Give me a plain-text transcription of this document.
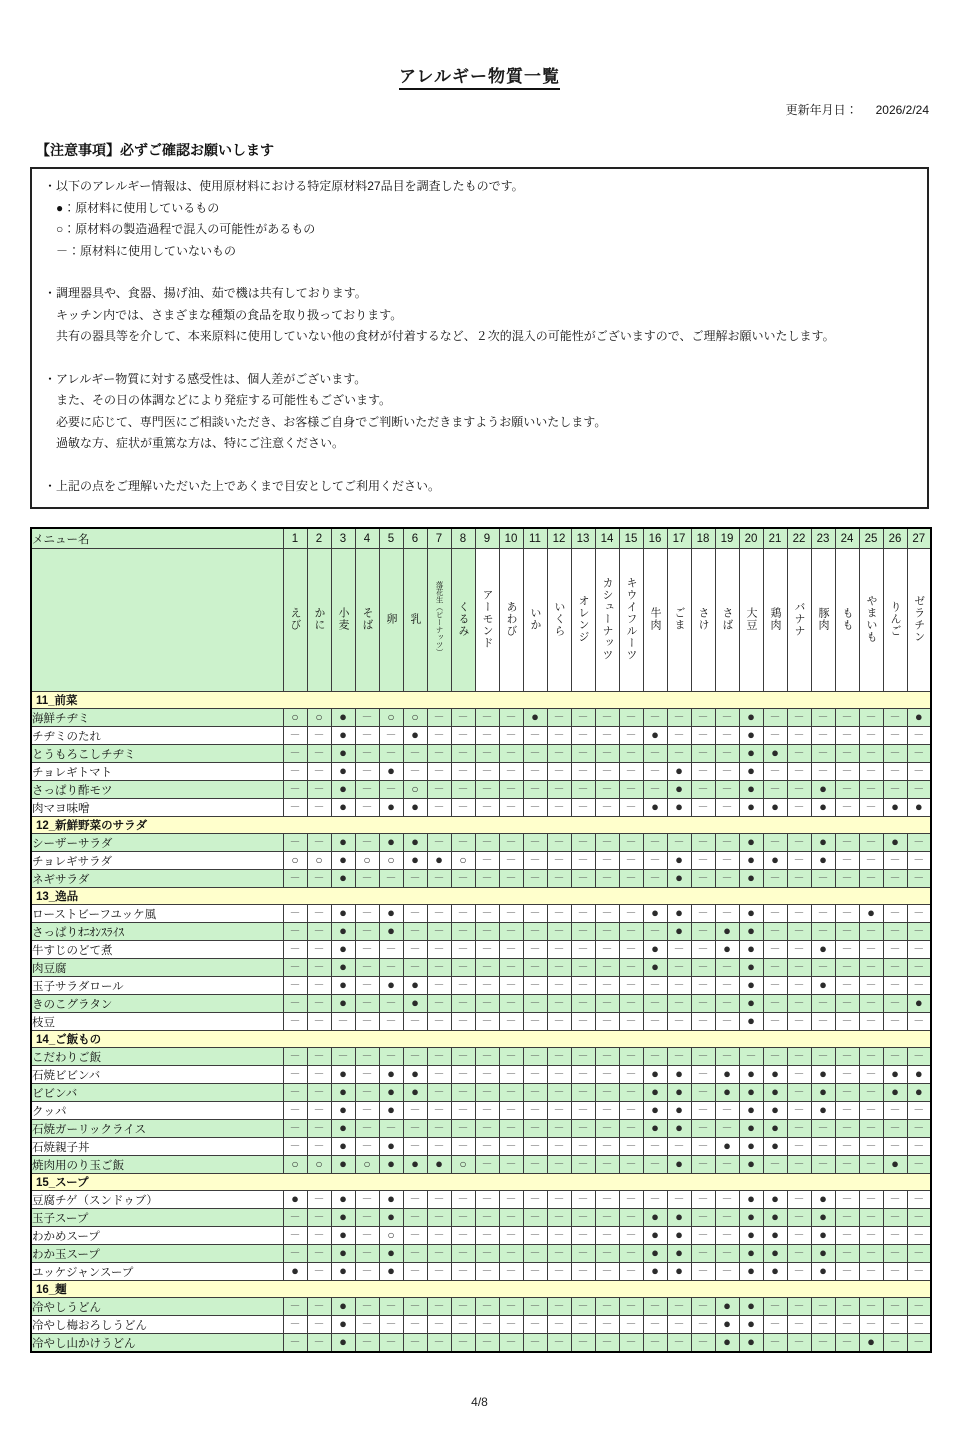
アレルギー物質一覧
更新年月日： 2026/2/24
【注意事項】必ずご確認お願いします
・以下のアレルギー情報は、使用原材料における特定原材料27品目を調査したものです。
　●：原材料に使用しているもの
　○：原材料の製造過程で混入の可能性があるもの
　－：原材料に使用していないもの
・調理器具や、食器、揚げ油、茹で機は共有しております。
　キッチン内では、さまざまな種類の食品を取り扱っております。
　共有の器具等を介して、本来原料に使用していない他の食材が付着するなど、２次的混入の可能性がございますので、ご理解お願いいたします。
・アレルギー物質に対する感受性は、個人差がございます。
　また、その日の体調などにより発症する可能性もございます。
　必要に応じて、専門医にご相談いただき、お客様ご自身でご判断いただきますようお願いいたします。
　過敏な方、症状が重篤な方は、特にご注意ください。
・上記の点をご理解いただいた上であくまで目安としてご利用ください。
メニュー名	1	2	3	4	5	6	7	8	9	10	11	12	13	14	15	16	17	18	19	20	21	22	23	24	25	26	27
	えび	かに	小麦	そば	卵	乳	落花生（ピーナッツ）	くるみ	アーモンド	あわび	いか	いくら	オレンジ	カシューナッツ	キウイフルーツ	牛肉	ごま	さけ	さば	大豆	鶏肉	バナナ	豚肉	もも	やまいも	りんご	ゼラチン
11_前菜																											
海鮮チヂミ	○	○	●	－	○	○	－	－	－	－	●	－	－	－	－	－	－	－	－	●	－	－	－	－	－	－	●
チヂミのたれ	－	－	●	－	－	●	－	－	－	－	－	－	－	－	－	●	－	－	－	●	－	－	－	－	－	－	－
とうもろこしチヂミ	－	－	●	－	－	－	－	－	－	－	－	－	－	－	－	－	－	－	－	●	●	－	－	－	－	－	－
チョレギトマト	－	－	●	－	●	－	－	－	－	－	－	－	－	－	－	－	●	－	－	●	－	－	－	－	－	－	－
さっぱり酢モツ	－	－	●	－	－	○	－	－	－	－	－	－	－	－	－	－	●	－	－	●	－	－	●	－	－	－	－
肉マヨ味噌	－	－	●	－	●	●	－	－	－	－	－	－	－	－	－	●	●	－	－	●	●	－	●	－	－	●	●
12_新鮮野菜のサラダ																											
シーザーサラダ	－	－	●	－	●	●	－	－	－	－	－	－	－	－	－	－	－	－	－	●	－	－	●	－	－	●	－
チョレギサラダ	○	○	●	○	○	●	●	○	－	－	－	－	－	－	－	－	●	－	－	●	●	－	●	－	－	－	－
ネギサラダ	－	－	●	－	－	－	－	－	－	－	－	－	－	－	－	－	●	－	－	●	－	－	－	－	－	－	－
13_逸品																											
ローストビーフユッケ風	－	－	●	－	●	－	－	－	－	－	－	－	－	－	－	●	●	－	－	●	－	－	－	－	●	－	－
さっぱりｵﾆｵﾝｽﾗｲｽ	－	－	●	－	●	－	－	－	－	－	－	－	－	－	－	－	●	－	●	●	－	－	－	－	－	－	－
牛すじのどて煮	－	－	●	－	－	－	－	－	－	－	－	－	－	－	－	●	－	－	●	●	－	－	●	－	－	－	－
肉豆腐	－	－	●	－	－	－	－	－	－	－	－	－	－	－	－	●	－	－	－	●	－	－	－	－	－	－	－
玉子サラダロール	－	－	●	－	●	●	－	－	－	－	－	－	－	－	－	－	－	－	－	●	－	－	●	－	－	－	－
きのこグラタン	－	－	●	－	－	●	－	－	－	－	－	－	－	－	－	－	－	－	－	●	－	－	－	－	－	－	●
枝豆	－	－	－	－	－	－	－	－	－	－	－	－	－	－	－	－	－	－	－	●	－	－	－	－	－	－	－
14_ご飯もの																											
こだわりご飯	－	－	－	－	－	－	－	－	－	－	－	－	－	－	－	－	－	－	－	－	－	－	－	－	－	－	－
石焼ビビンバ	－	－	●	－	●	●	－	－	－	－	－	－	－	－	－	●	●	－	●	●	●	－	●	－	－	●	●
ビビンバ	－	－	●	－	●	●	－	－	－	－	－	－	－	－	－	●	●	－	●	●	●	－	●	－	－	●	●
クッパ	－	－	●	－	●	－	－	－	－	－	－	－	－	－	－	●	●	－	－	●	●	－	●	－	－	－	－
石焼ガーリックライス	－	－	●	－	－	－	－	－	－	－	－	－	－	－	－	●	●	－	－	●	●	－	－	－	－	－	－
石焼親子丼	－	－	●	－	●	－	－	－	－	－	－	－	－	－	－	－	－	－	●	●	●	－	－	－	－	－	－
焼肉用のり玉ご飯	○	○	●	○	●	●	●	○	－	－	－	－	－	－	－	－	●	－	－	●	－	－	－	－	－	●	－
15_スープ																											
豆腐チゲ（スンドゥブ）	●	－	●	－	●	－	－	－	－	－	－	－	－	－	－	－	－	－	－	●	●	－	●	－	－	－	－
玉子スープ	－	－	●	－	●	－	－	－	－	－	－	－	－	－	－	●	●	－	－	●	●	－	●	－	－	－	－
わかめスープ	－	－	●	－	○	－	－	－	－	－	－	－	－	－	－	●	●	－	－	●	●	－	●	－	－	－	－
わか玉スープ	－	－	●	－	●	－	－	－	－	－	－	－	－	－	－	●	●	－	－	●	●	－	●	－	－	－	－
ユッケジャンスープ	●	－	●	－	●	－	－	－	－	－	－	－	－	－	－	●	●	－	－	●	●	－	●	－	－	－	－
16_麺																											
冷やしうどん	－	－	●	－	－	－	－	－	－	－	－	－	－	－	－	－	－	－	●	●	－	－	－	－	－	－	－
冷やし梅おろしうどん	－	－	●	－	－	－	－	－	－	－	－	－	－	－	－	－	－	－	●	●	－	－	－	－	－	－	－
冷やし山かけうどん	－	－	●	－	－	－	－	－	－	－	－	－	－	－	－	－	－	－	●	●	－	－	－	－	●	－	－
4/8
